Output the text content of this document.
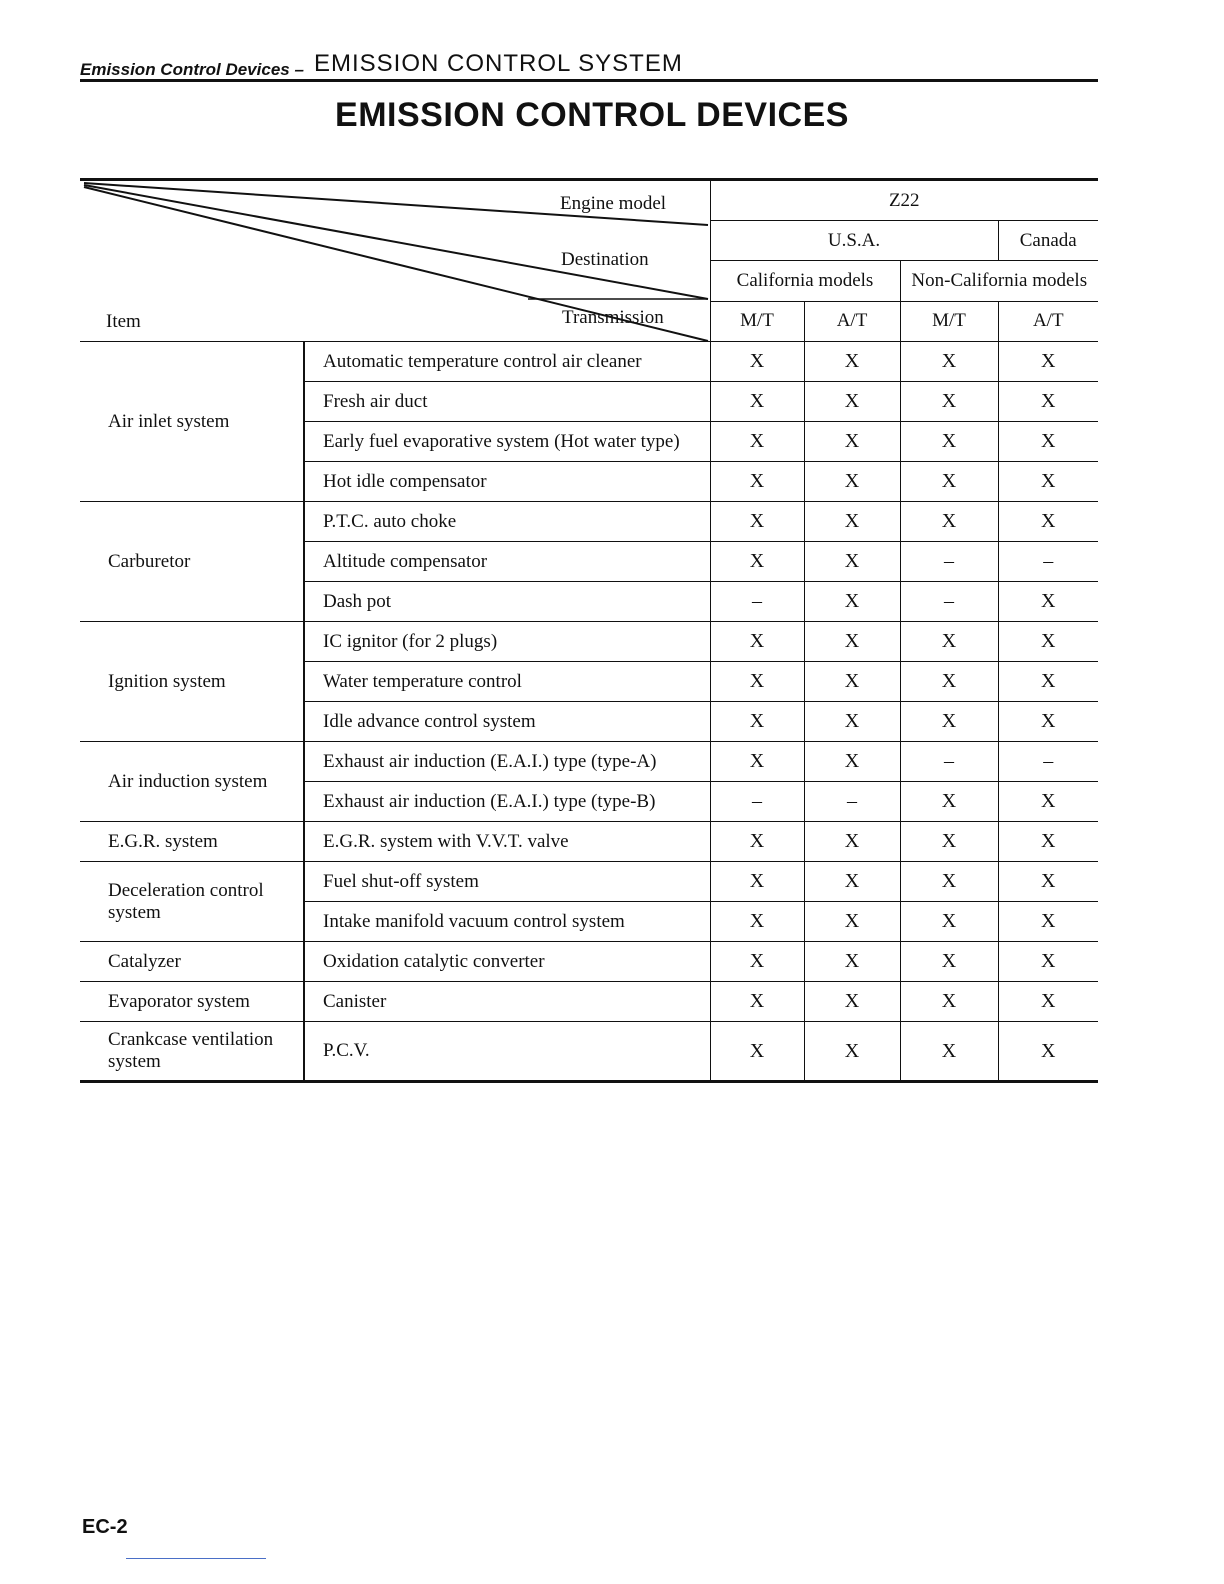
Emission Control Devices – EMISSION CONTROL SYSTEM
EMISSION CONTROL DEVICES
Engine model
Destination
Transmission
Item		Z22			
		U.S.A.			Canada
		California models		Non-California models	
		M/T	A/T	M/T	A/T
Air inlet system	Automatic temperature control air cleaner	X	X	X	X
	Fresh air duct	X	X	X	X
	Early fuel evaporative system (Hot water type)	X	X	X	X
	Hot idle compensator	X	X	X	X
Carburetor	P.T.C. auto choke	X	X	X	X
	Altitude compensator	X	X	–	–
	Dash pot	–	X	–	X
Ignition system	IC ignitor (for 2 plugs)	X	X	X	X
	Water temperature control	X	X	X	X
	Idle advance control system	X	X	X	X
Air induction system	Exhaust air induction (E.A.I.) type (type-A)	X	X	–	–
	Exhaust air induction (E.A.I.) type (type-B)	–	–	X	X
E.G.R. system	E.G.R. system with V.V.T. valve	X	X	X	X
Deceleration control system	Fuel shut-off system	X	X	X	X
	Intake manifold vacuum control system	X	X	X	X
Catalyzer	Oxidation catalytic converter	X	X	X	X
Evaporator system	Canister	X	X	X	X
Crankcase ventilation system	P.C.V.	X	X	X	X
EC-2
